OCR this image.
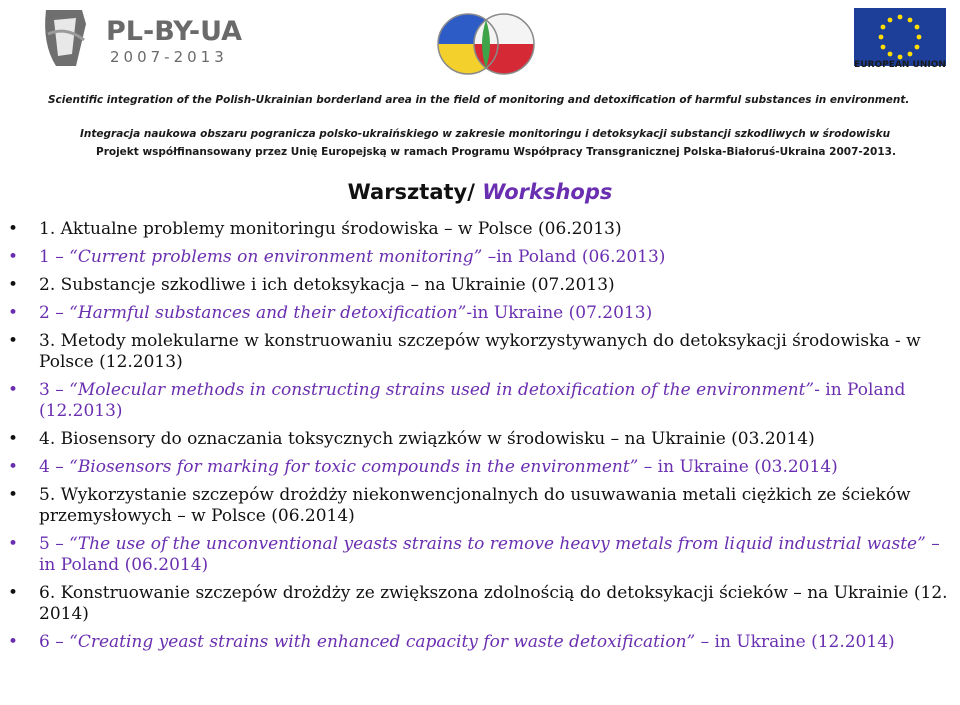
PL-BY-UA
2007-2013	EUROPEAN UNION
Scientific integration of the Polish-Ukrainian borderland area in the field of monitoring and detoxification of harmful substances in environment.
Integracja naukowa obszaru pogranicza polsko-ukraińskiego w zakresie monitoringu i detoksykacji substancji szkodliwych w środowisku
Projekt współfinansowany przez Unię Europejską w ramach Programu Współpracy Transgranicznej Polska-Białoruś-Ukraina 2007-2013.
Warsztaty/ Workshops
• 1. Aktualne problemy monitoringu środowiska – w Polsce (06.2013)
• 1 – “Current problems on environment monitoring” –in Poland (06.2013)
• 2. Substancje szkodliwe i ich detoksykacja – na Ukrainie (07.2013)
• 2 – “Harmful substances and their detoxification”-in Ukraine (07.2013)
• 3. Metody molekularne w konstruowaniu szczepów wykorzystywanych do detoksykacji środowiska - w Polsce (12.2013)
• 3 – “Molecular methods in constructing strains used in detoxification of the environment”- in Poland (12.2013)
• 4. Biosensory do oznaczania toksycznych związków w środowisku – na Ukrainie (03.2014)
• 4 – “Biosensors for marking for toxic compounds in the environment” – in Ukraine (03.2014)
• 5. Wykorzystanie szczepów drożdży niekonwencjonalnych do usuwawania metali ciężkich ze ścieków przemysłowych – w Polsce (06.2014)
• 5 – “The use of the unconventional yeasts strains to remove heavy metals from liquid industrial waste” – in Poland (06.2014)
• 6. Konstruowanie szczepów drożdży ze zwiększona zdolnością do detoksykacji ścieków – na Ukrainie (12. 2014)
• 6 – “Creating yeast strains with enhanced capacity for waste detoxification” – in Ukraine (12.2014)
